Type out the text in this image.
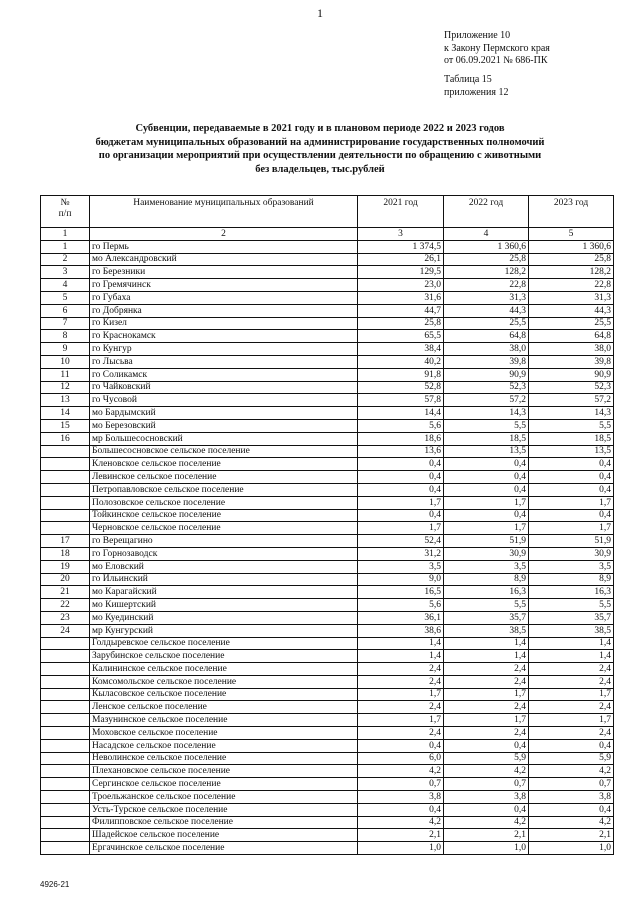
1
Приложение 10
к Закону Пермского края
от 06.09.2021 № 686-ПК
Таблица 15
приложения 12
Субвенции, передаваемые в 2021 году и в плановом периоде 2022 и 2023 годов
бюджетам муниципальных образований на администрирование государственных полномочий
по организации мероприятий при осуществлении деятельности по обращению с животными
без владельцев, тыс.рублей
№
п/п	Наименование муниципальных образований	2021 год	2022 год	2023 год
1	2	3	4	5
1	го Пермь	1 374,5	1 360,6	1 360,6
2	мо Александровский	26,1	25,8	25,8
3	го Березники	129,5	128,2	128,2
4	го Гремячинск	23,0	22,8	22,8
5	го Губаха	31,6	31,3	31,3
6	го Добрянка	44,7	44,3	44,3
7	го Кизел	25,8	25,5	25,5
8	го Краснокамск	65,5	64,8	64,8
9	го Кунгур	38,4	38,0	38,0
10	го Лысьва	40,2	39,8	39,8
11	го Соликамск	91,8	90,9	90,9
12	го Чайковский	52,8	52,3	52,3
13	го Чусовой	57,8	57,2	57,2
14	мо Бардымский	14,4	14,3	14,3
15	мо Березовский	5,6	5,5	5,5
16	мр Большесосновский	18,6	18,5	18,5
	Большесосновское сельское поселение	13,6	13,5	13,5
	Кленовское сельское поселение	0,4	0,4	0,4
	Левинское сельское поселение	0,4	0,4	0,4
	Петропавловское сельское поселение	0,4	0,4	0,4
	Полозовское сельское поселение	1,7	1,7	1,7
	Тойкинское сельское поселение	0,4	0,4	0,4
	Черновское сельское поселение	1,7	1,7	1,7
17	го Верещагино	52,4	51,9	51,9
18	го Горнозаводск	31,2	30,9	30,9
19	мо Еловский	3,5	3,5	3,5
20	го Ильинский	9,0	8,9	8,9
21	мо Карагайский	16,5	16,3	16,3
22	мо Кишертский	5,6	5,5	5,5
23	мо Куединский	36,1	35,7	35,7
24	мр Кунгурский	38,6	38,5	38,5
	Голдыревское сельское поселение	1,4	1,4	1,4
	Зарубинское сельское поселение	1,4	1,4	1,4
	Калининское сельское поселение	2,4	2,4	2,4
	Комсомольское сельское поселение	2,4	2,4	2,4
	Кыласовское сельское поселение	1,7	1,7	1,7
	Ленское сельское поселение	2,4	2,4	2,4
	Мазунинское сельское поселение	1,7	1,7	1,7
	Моховское сельское поселение	2,4	2,4	2,4
	Насадское сельское поселение	0,4	0,4	0,4
	Неволинское сельское поселение	6,0	5,9	5,9
	Плехановское сельское поселение	4,2	4,2	4,2
	Сергинское сельское поселение	0,7	0,7	0,7
	Троельжанское сельское поселение	3,8	3,8	3,8
	Усть-Турское сельское поселение	0,4	0,4	0,4
	Филипповское сельское поселение	4,2	4,2	4,2
	Шадейское сельское поселение	2,1	2,1	2,1
	Ергачинское сельское поселение	1,0	1,0	1,0
4926-21
